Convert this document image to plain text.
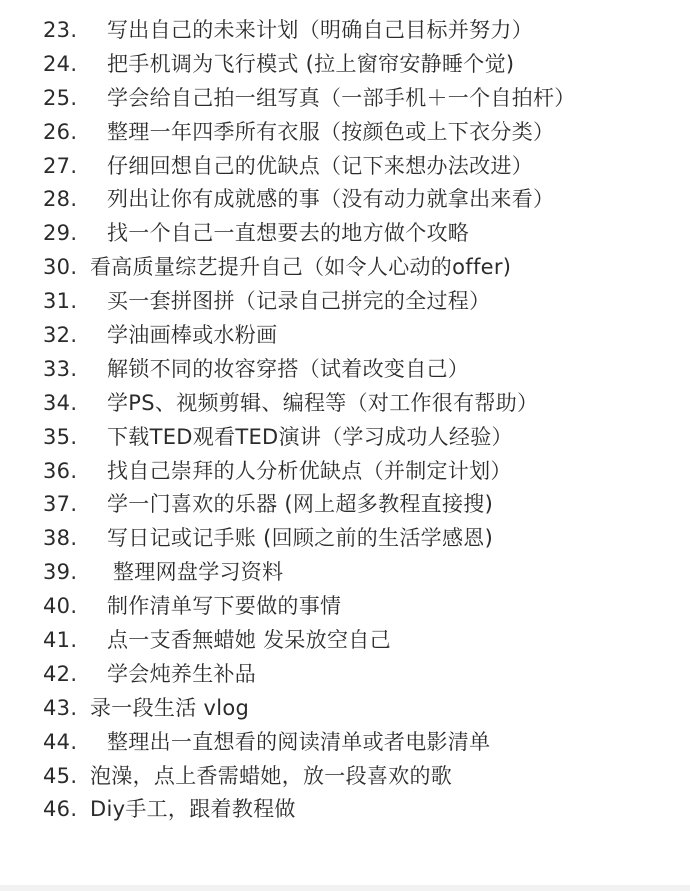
23. 写出自己的未来计划（明确自己目标并努力）
24. 把手机调为飞行模式 (拉上窗帘安静睡个觉)
25. 学会给自己拍一组写真（一部手机＋一个自拍杆）
26. 整理一年四季所有衣服（按颜色或上下衣分类）
27. 仔细回想自己的优缺点（记下来想办法改进）
28. 列出让你有成就感的事（没有动力就拿出来看）
29. 找一个自己一直想要去的地方做个攻略
30. 看高质量综艺提升自己（如令人心动的offer)
31. 买一套拼图拼（记录自己拼完的全过程）
32. 学油画棒或水粉画
33. 解锁不同的妆容穿搭（试着改变自己）
34. 学PS、视频剪辑、编程等（对工作很有帮助）
35. 下载TED观看TED演讲（学习成功人经验）
36. 找自己崇拜的人分析优缺点（并制定计划）
37. 学一门喜欢的乐器 (网上超多教程直接搜)
38. 写日记或记手账 (回顾之前的生活学感恩)
39. 整理网盘学习资料
40. 制作清单写下要做的事情
41. 点一支香無蜡她 发呆放空自己
42. 学会炖养生补品
43. 录一段生活 vlog
44. 整理出一直想看的阅读清单或者电影清单
45. 泡澡，点上香需蜡她，放一段喜欢的歌
46. Diy手工，跟着教程做
